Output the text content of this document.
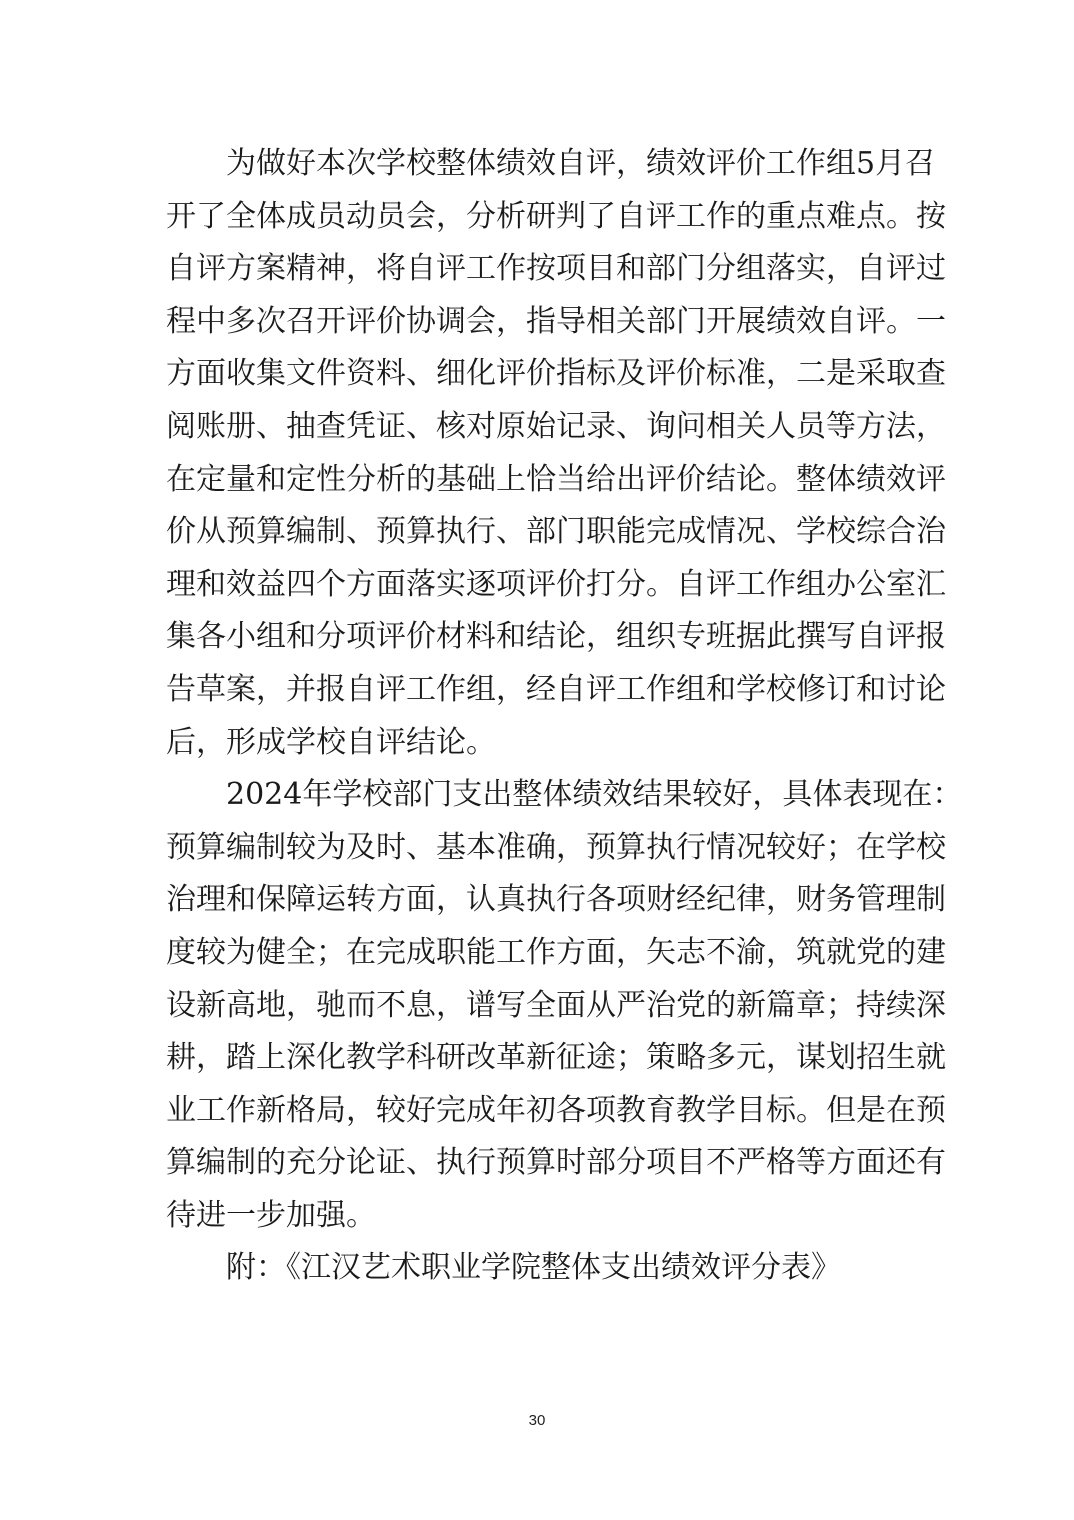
为做好本次学校整体绩效自评，绩效评价工作组5月召
开了全体成员动员会，分析研判了自评工作的重点难点。按
自评方案精神，将自评工作按项目和部门分组落实，自评过
程中多次召开评价协调会，指导相关部门开展绩效自评。一
方面收集文件资料、细化评价指标及评价标准，二是采取查
阅账册、抽查凭证、核对原始记录、询问相关人员等方法，
在定量和定性分析的基础上恰当给出评价结论。整体绩效评
价从预算编制、预算执行、部门职能完成情况、学校综合治
理和效益四个方面落实逐项评价打分。自评工作组办公室汇
集各小组和分项评价材料和结论，组织专班据此撰写自评报
告草案，并报自评工作组，经自评工作组和学校修订和讨论
后，形成学校自评结论。
2024年学校部门支出整体绩效结果较好，具体表现在：
预算编制较为及时、基本准确，预算执行情况较好；在学校
治理和保障运转方面，认真执行各项财经纪律，财务管理制
度较为健全；在完成职能工作方面，矢志不渝，筑就党的建
设新高地，驰而不息，谱写全面从严治党的新篇章；持续深
耕，踏上深化教学科研改革新征途；策略多元，谋划招生就
业工作新格局，较好完成年初各项教育教学目标。但是在预
算编制的充分论证、执行预算时部分项目不严格等方面还有
待进一步加强。
附：《江汉艺术职业学院整体支出绩效评分表》
30
